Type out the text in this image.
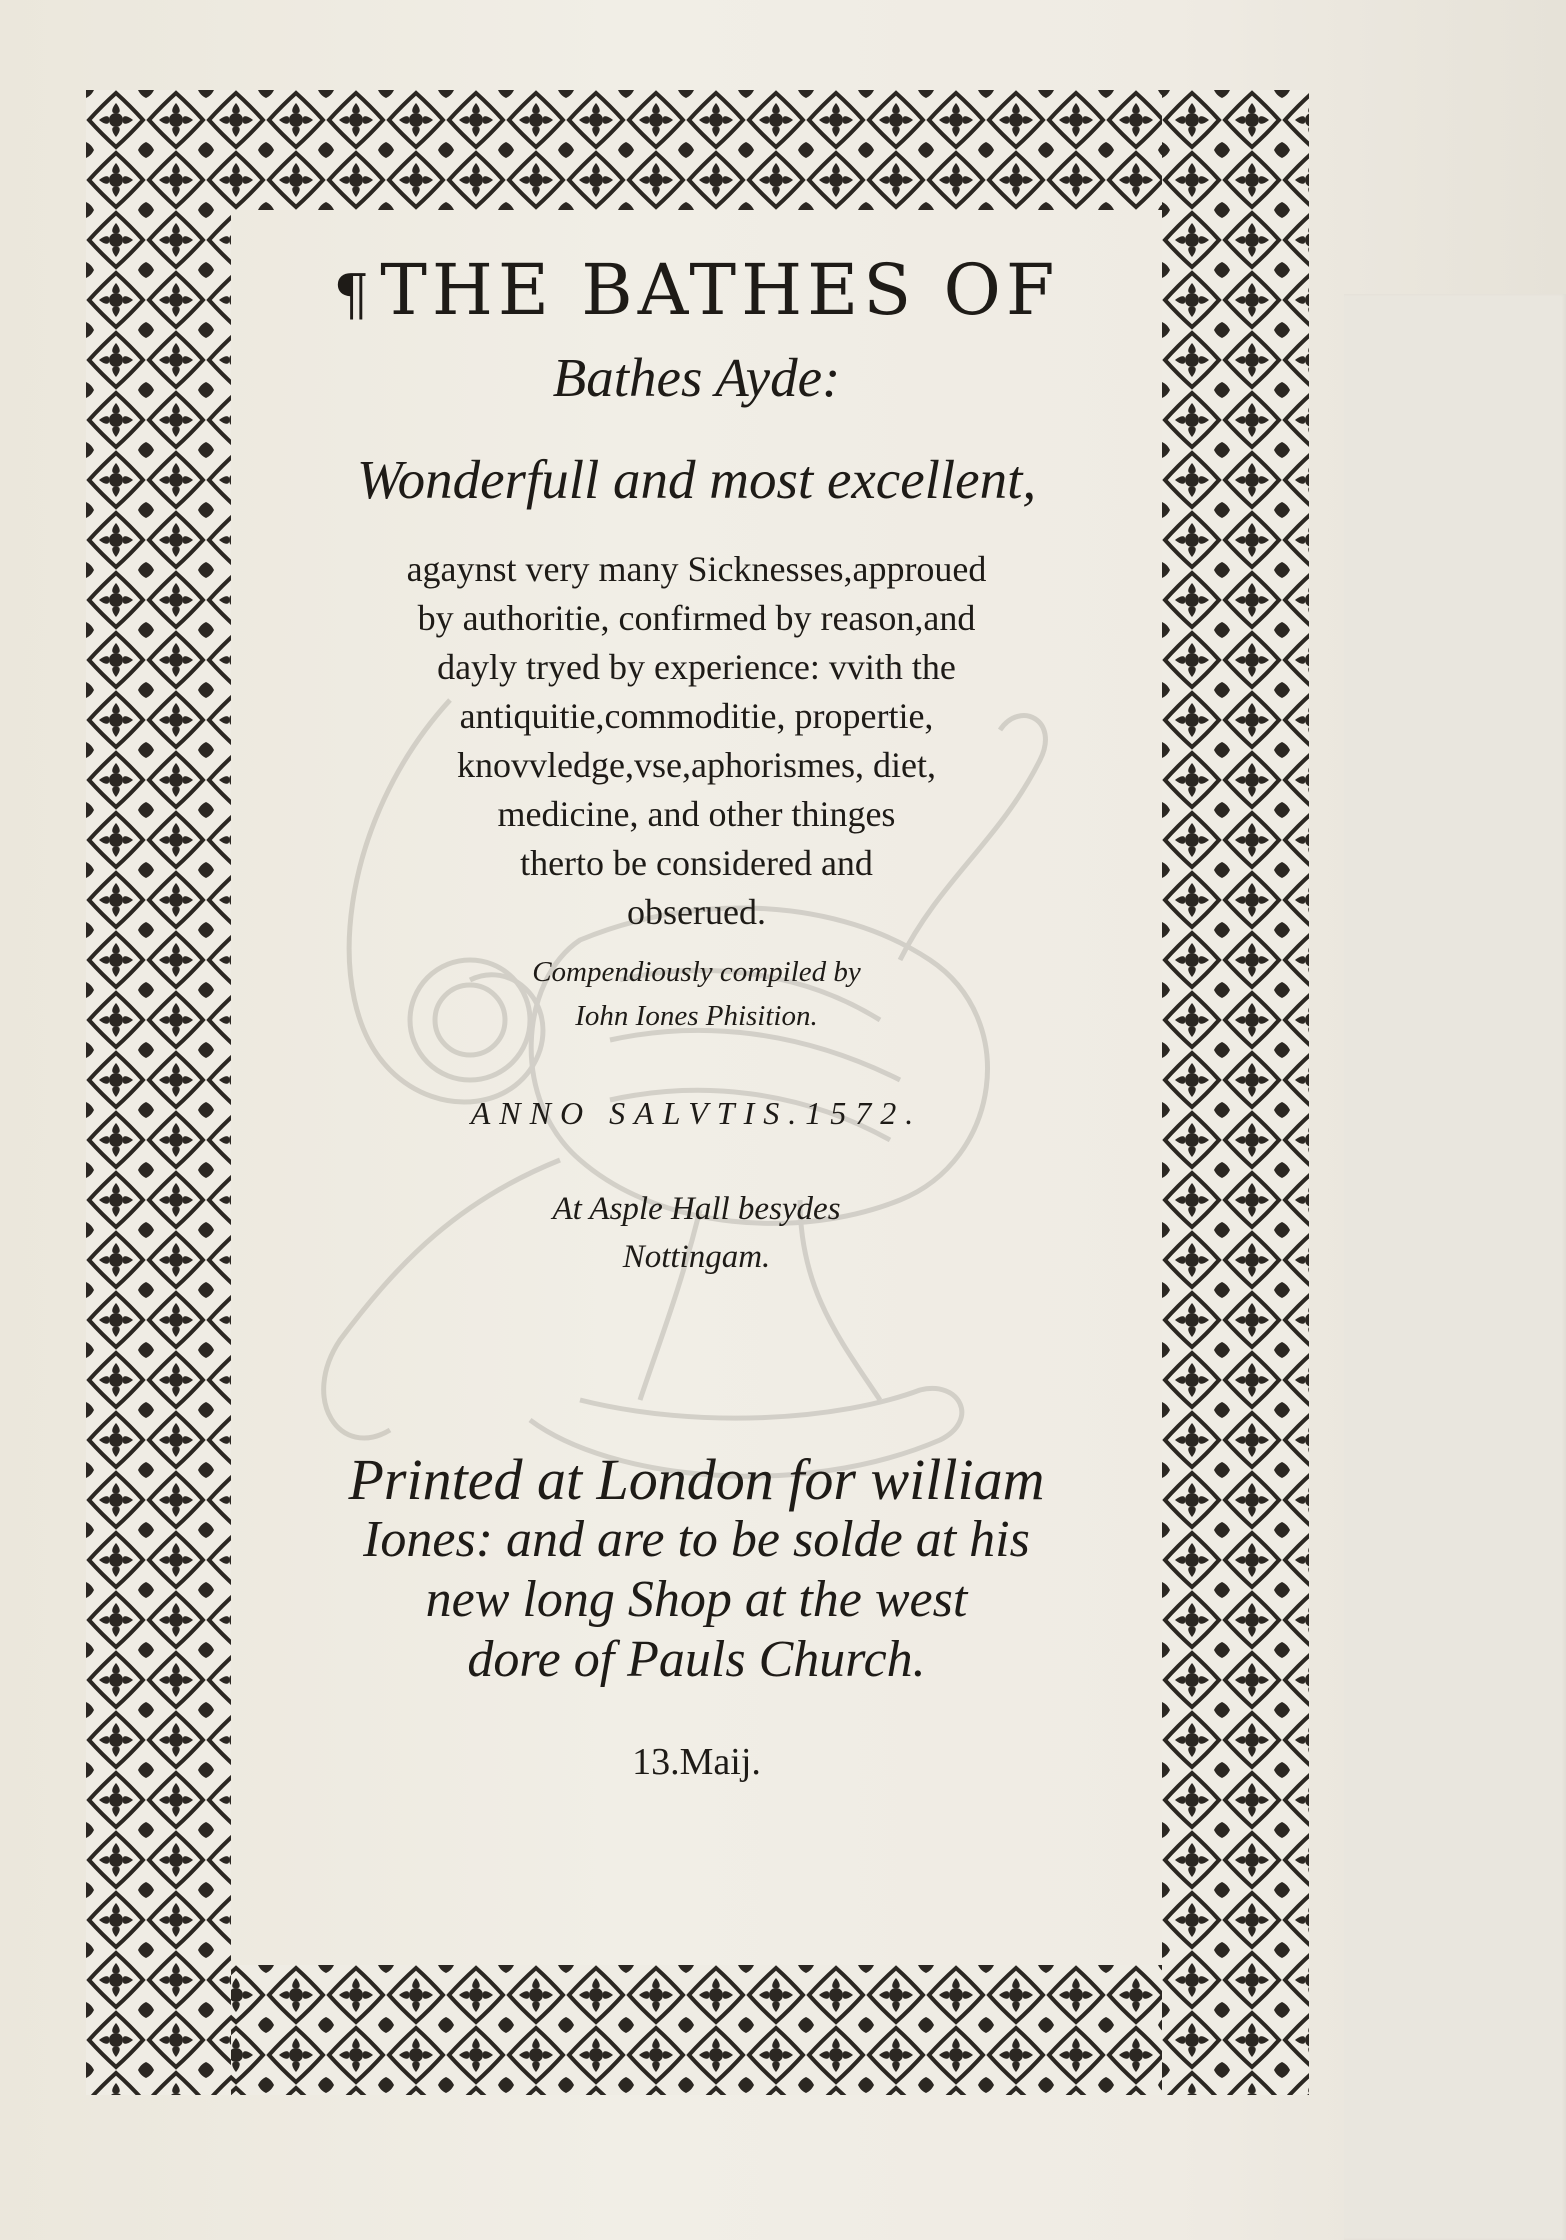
¶THE BATHES OF
Bathes Ayde:
Wonderfull and most excellent,
agaynst very many Sicknesses,approued
by authoritie, confirmed by reason,and
dayly tryed by experience: vvith the
antiquitie,commoditie, propertie,
knovvledge,vse,aphorismes, diet,
medicine, and other thinges
therto be considered and
obserued.
Compendiously compiled by
Iohn Iones Phisition.
ANNO SALVTIS.1572.
At Asple Hall besydes
Nottingam.
Printed at London for william
Iones: and are to be solde at his
new long Shop at the west
dore of Pauls Church.
13.Maij.
